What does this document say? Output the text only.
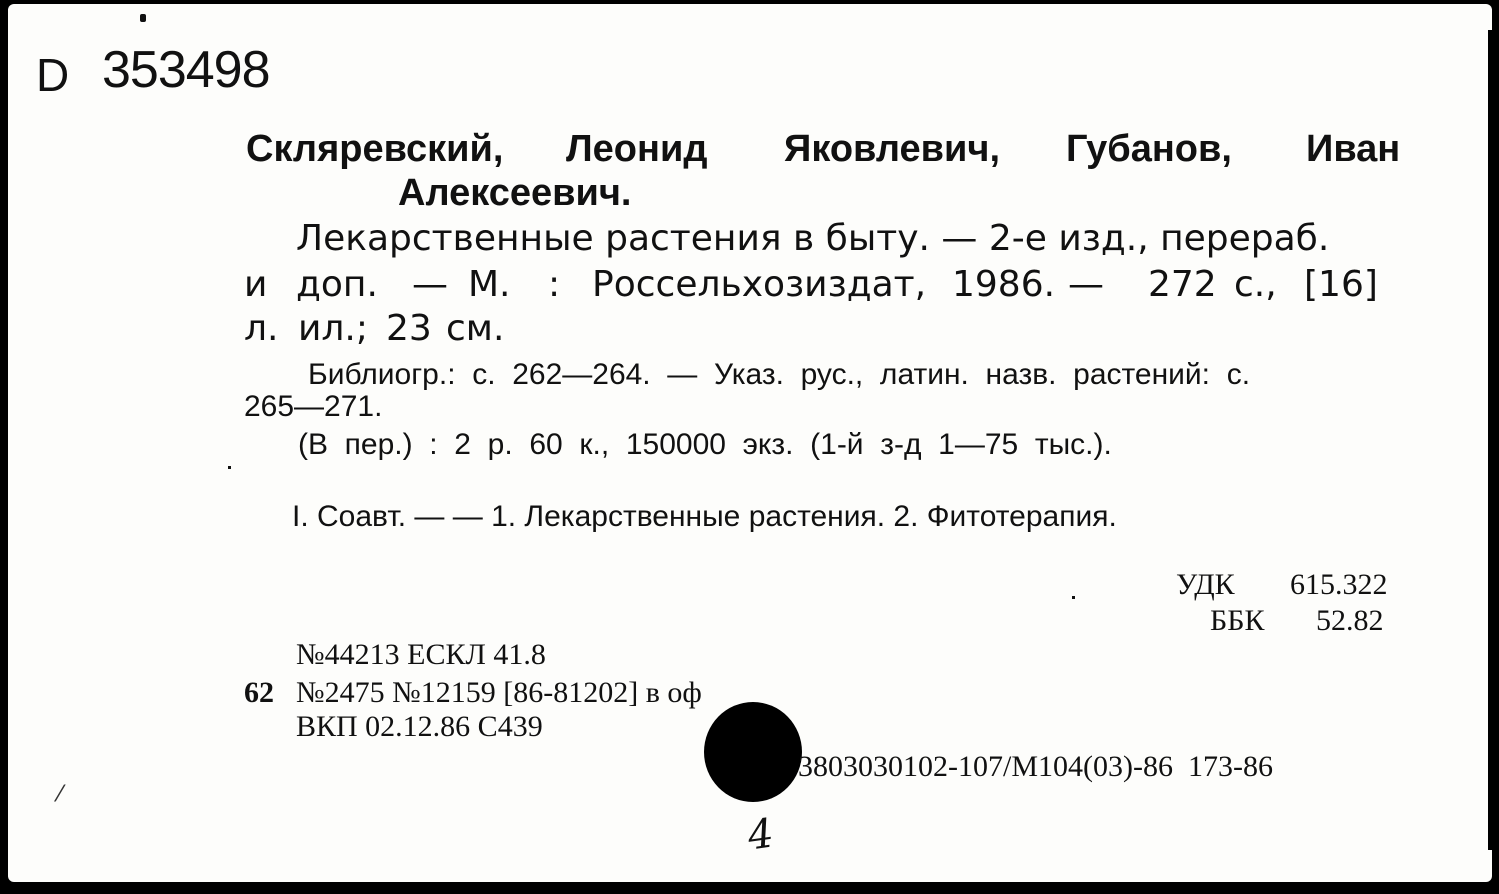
D 353498
Скляревский, Леонид Яковлевич, Губанов, Иван
Алексеевич.
Лекарственные растения в быту. — 2-е изд., перераб.
и доп. — М. : Россельхозиздат, 1986. — 272 с., [16]
л. ил.; 23 см.
Библиогр.:  с.  262—264.  —  Указ.  рус.,  латин.  назв.  растений:  с.
265—271.
(В  пер.)  :  2  р.  60  к.,  150000  экз.  (1-й  з-д  1—75  тыс.).
I. Соавт. — — 1. Лекарственные растения. 2. Фитотерапия.
УДК 615.322
ББК 52.82
№44213 ЕСКЛ 41.8
62 №2475 №12159 [86-81202] в оф
ВКП 02.12.86 С439
3803030102-107/М104(03)-86  173-86
4
⁄
